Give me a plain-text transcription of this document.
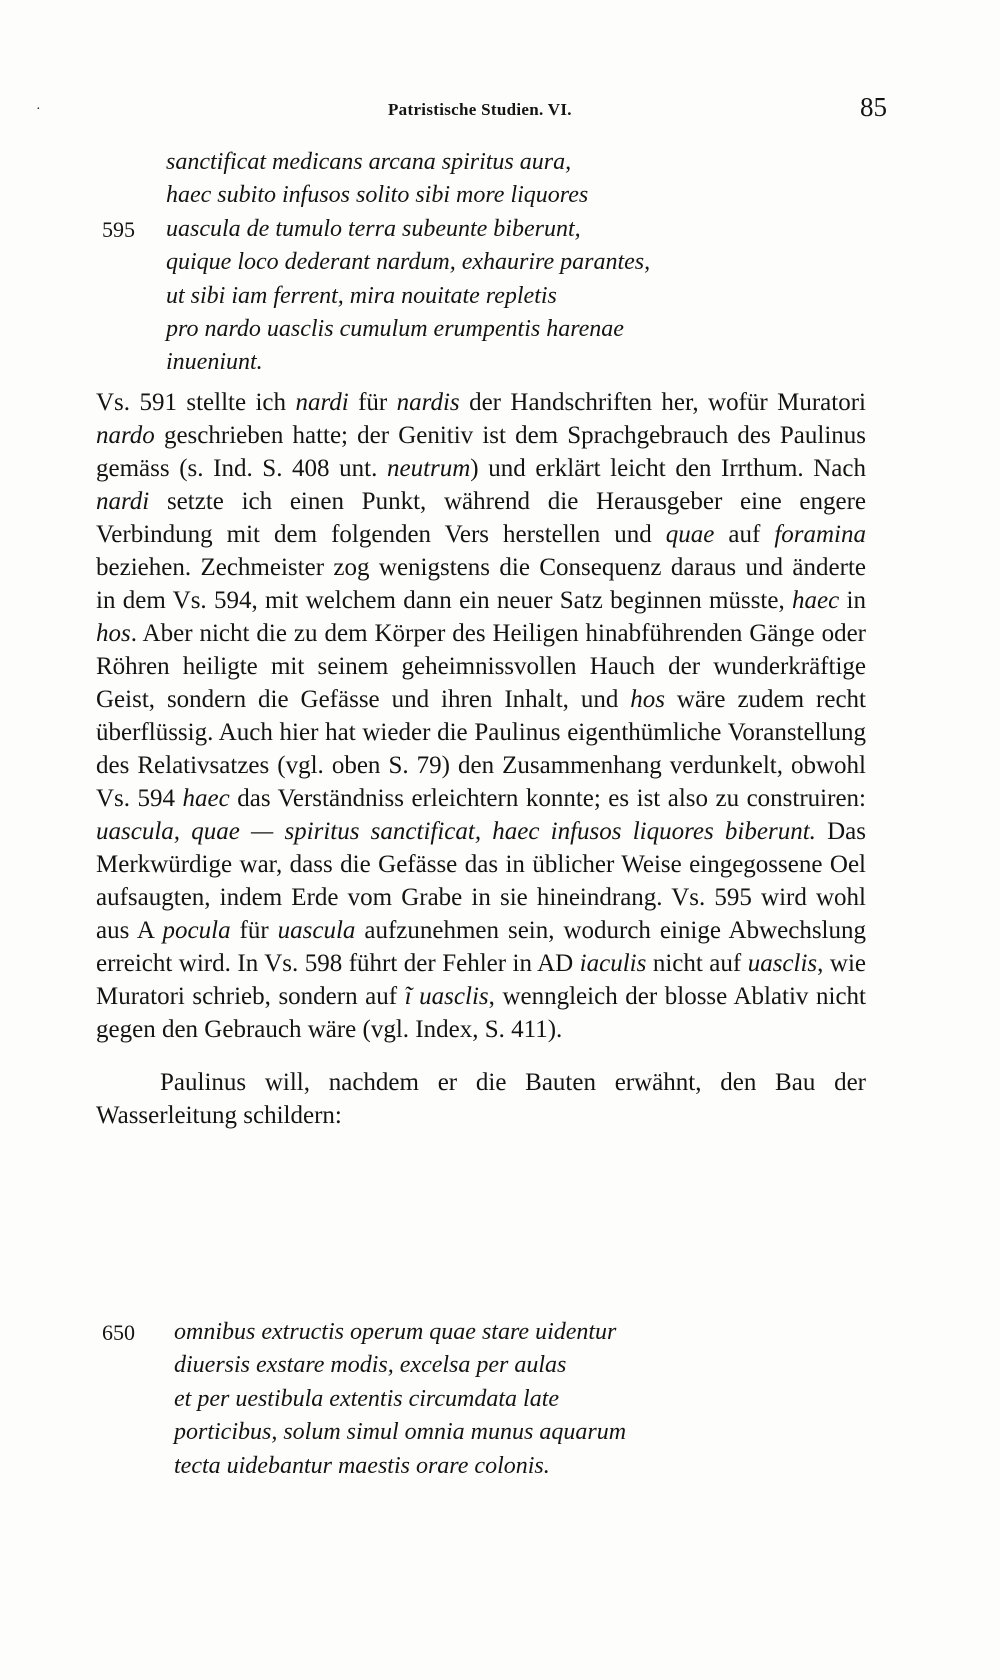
·	Patristische Studien. VI.	85
sanctificat medicans arcana spiritus aura,
haec subito infusos solito sibi more liquores
595 uascula de tumulo terra subeunte biberunt,
quique loco dederant nardum, exhaurire parantes,
ut sibi iam ferrent, mira nouitate repletis
pro nardo uasclis cumulum erumpentis harenae
inueniunt.

Vs. 591 stellte ich nardi für nardis der Handschriften her, wofür Muratori nardo geschrieben hatte; der Genitiv ist dem Sprachgebrauch des Paulinus gemäss (s. Ind. S. 408 unt. neutrum) und erklärt leicht den Irrthum. Nach nardi setzte ich einen Punkt, während die Herausgeber eine engere Verbindung mit dem folgenden Vers herstellen und quae auf foramina beziehen. Zechmeister zog wenigstens die Consequenz daraus und änderte in dem Vs. 594, mit welchem dann ein neuer Satz beginnen müsste, haec in hos. Aber nicht die zu dem Körper des Heiligen hinabführenden Gänge oder Röhren heiligte mit seinem geheimnissvollen Hauch der wunderkräftige Geist, sondern die Gefässe und ihren Inhalt, und hos wäre zudem recht überflüssig. Auch hier hat wieder die Paulinus eigenthümliche Voranstellung des Relativsatzes (vgl. oben S. 79) den Zusammenhang verdunkelt, obwohl Vs. 594 haec das Verständniss erleichtern konnte; es ist also zu construiren: uascula, quae — spiritus sanctificat, haec infusos liquores biberunt. Das Merkwürdige war, dass die Gefässe das in üblicher Weise eingegossene Oel aufsaugten, indem Erde vom Grabe in sie hineindrang. Vs. 595 wird wohl aus A pocula für uascula aufzunehmen sein, wodurch einige Abwechslung erreicht wird. In Vs. 598 führt der Fehler in AD iaculis nicht auf uasclis, wie Muratori schrieb, sondern auf ĩ uasclis, wenngleich der blosse Ablativ nicht gegen den Gebrauch wäre (vgl. Index, S. 411).

Paulinus will, nachdem er die Bauten erwähnt, den Bau der Wasserleitung schildern:

650 omnibus extructis operum quae stare uidentur
diuersis exstare modis, excelsa per aulas
et per uestibula extentis circumdata late
porticibus, solum simul omnia munus aquarum
tecta uidebantur maestis orare colonis.
